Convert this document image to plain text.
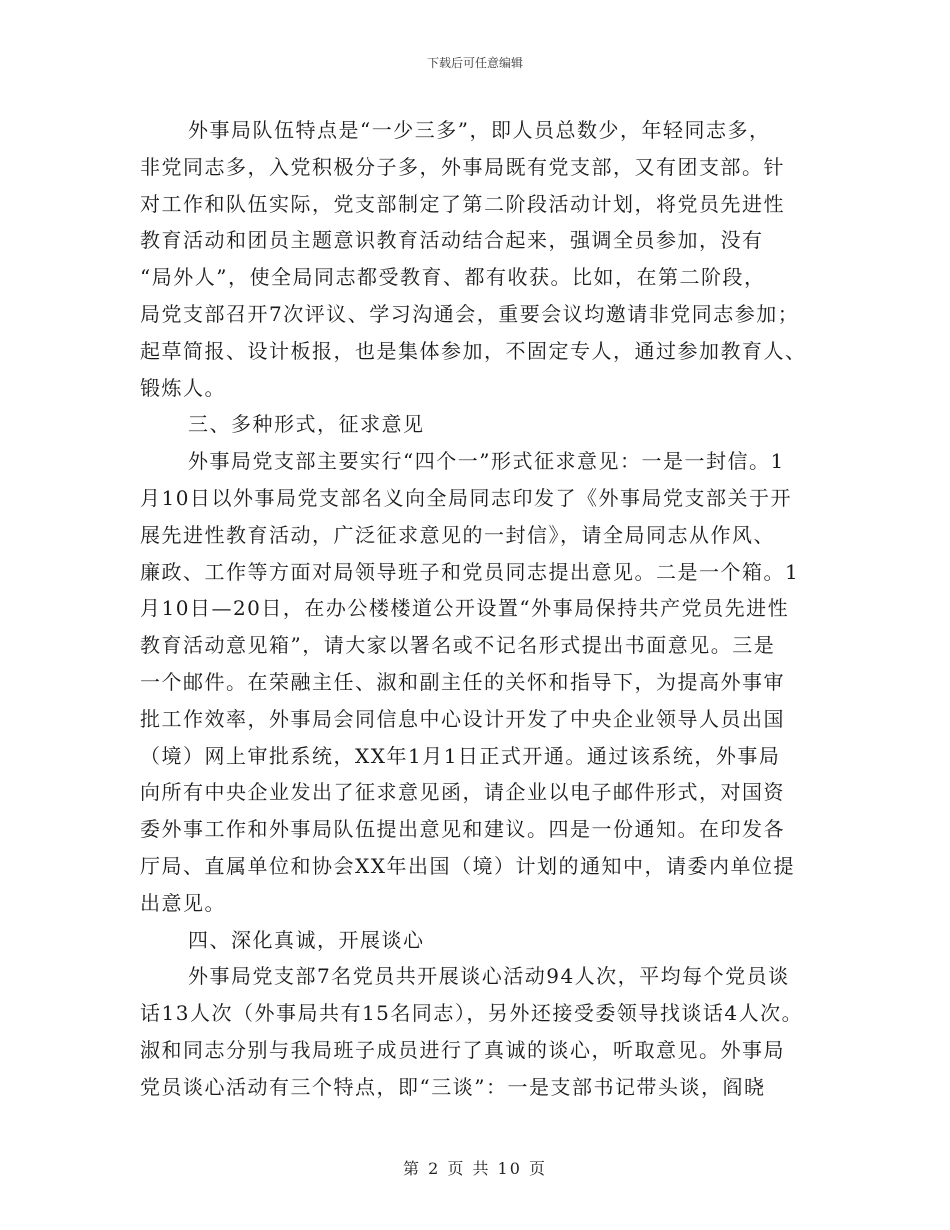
下载后可任意编辑
外事局队伍特点是“一少三多”，即人员总数少，年轻同志多，
非党同志多，入党积极分子多，外事局既有党支部，又有团支部。针
对工作和队伍实际，党支部制定了第二阶段活动计划，将党员先进性
教育活动和团员主题意识教育活动结合起来，强调全员参加，没有
“局外人”，使全局同志都受教育、都有收获。比如，在第二阶段，
局党支部召开7次评议、学习沟通会，重要会议均邀请非党同志参加；
起草简报、设计板报，也是集体参加，不固定专人，通过参加教育人、
锻炼人。
三、多种形式，征求意见
外事局党支部主要实行“四个一”形式征求意见：一是一封信。1
月10日以外事局党支部名义向全局同志印发了《外事局党支部关于开
展先进性教育活动，广泛征求意见的一封信》，请全局同志从作风、
廉政、工作等方面对局领导班子和党员同志提出意见。二是一个箱。1
月10日—20日，在办公楼楼道公开设置“外事局保持共产党员先进性
教育活动意见箱”，请大家以署名或不记名形式提出书面意见。三是
一个邮件。在荣融主任、淑和副主任的关怀和指导下，为提高外事审
批工作效率，外事局会同信息中心设计开发了中央企业领导人员出国
（境）网上审批系统，XX年1月1日正式开通。通过该系统，外事局
向所有中央企业发出了征求意见函，请企业以电子邮件形式，对国资
委外事工作和外事局队伍提出意见和建议。四是一份通知。在印发各
厅局、直属单位和协会XX年出国（境）计划的通知中，请委内单位提
出意见。
四、深化真诚，开展谈心
外事局党支部7名党员共开展谈心活动94人次，平均每个党员谈
话13人次（外事局共有15名同志），另外还接受委领导找谈话4人次。
淑和同志分别与我局班子成员进行了真诚的谈心，听取意见。外事局
党员谈心活动有三个特点，即“三谈”：一是支部书记带头谈，阎晓
第 2 页 共 10 页
